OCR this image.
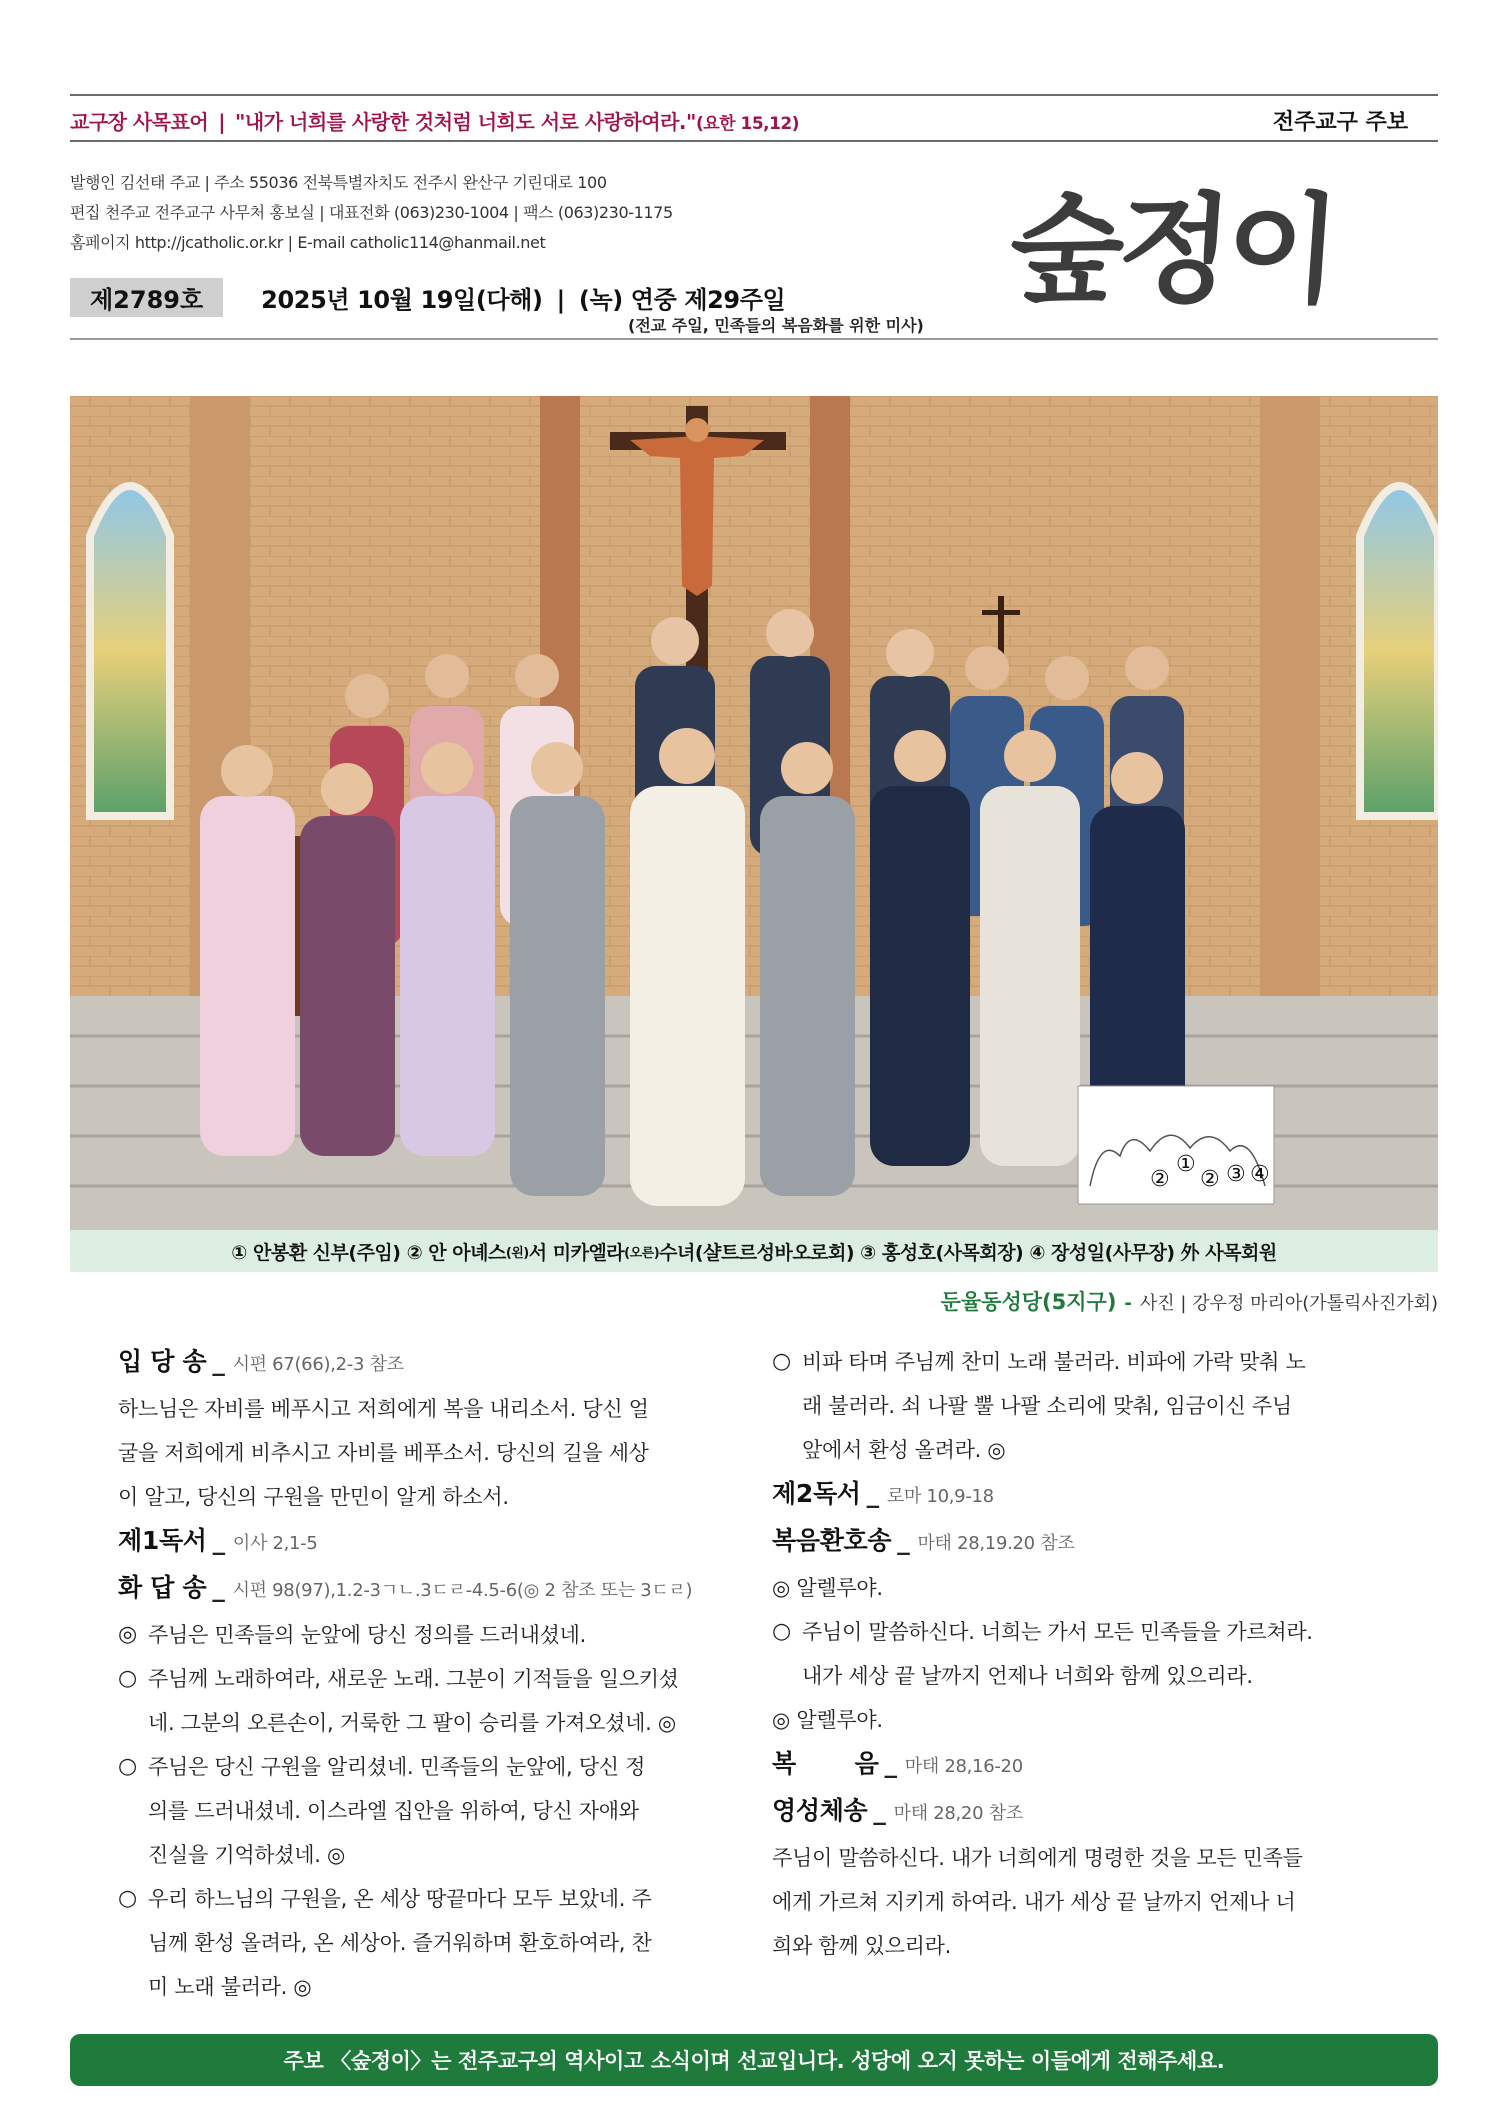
교구장 사목표어 | "내가 너희를 사랑한 것처럼 너희도 서로 사랑하여라."(요한 15,12)	전주교구 주보
발행인 김선태 주교 | 주소 55036 전북특별자치도 전주시 완산구 기린대로 100
편집 천주교 전주교구 사무처 홍보실 | 대표전화 (063)230-1004 | 팩스 (063)230-1175
홈페이지 http://jcatholic.or.kr | E-mail catholic114@hanmail.net	숲정이
제2789호	2025년 10월 19일(다해) | (녹) 연중 제29주일
(전교 주일, 민족들의 복음화를 위한 미사)
②
①
② ③ ④
① 안봉환 신부(주임) ② 안 아녜스 (왼) 서 미카엘라 (오른) 수녀(샬트르성바오로회) ③ 홍성호(사목회장) ④ 장성일(사무장) 外 사목회원
둔율동성당(5지구) - 사진 | 강우정 마리아(가톨릭사진가회)
입 당 송 _ 시편 67(66),2-3 참조
하느님은 자비를 베푸시고 저희에게 복을 내리소서. 당신 얼
굴을 저희에게 비추시고 자비를 베푸소서. 당신의 길을 세상
이 알고, 당신의 구원을 만민이 알게 하소서.
제1독서 _ 이사 2,1-5
화 답 송 _ 시편 98(97),1.2-3ㄱㄴ.3ㄷㄹ-4.5-6(◎ 2 참조 또는 3ㄷㄹ)
◎ 주님은 민족들의 눈앞에 당신 정의를 드러내셨네.
○ 주님께 노래하여라, 새로운 노래. 그분이 기적들을 일으키셨
네. 그분의 오른손이, 거룩한 그 팔이 승리를 가져오셨네. ◎
○ 주님은 당신 구원을 알리셨네. 민족들의 눈앞에, 당신 정
의를 드러내셨네. 이스라엘 집안을 위하여, 당신 자애와
진실을 기억하셨네. ◎
○ 우리 하느님의 구원을, 온 세상 땅끝마다 모두 보았네. 주
님께 환성 올려라, 온 세상아. 즐거워하며 환호하여라, 찬
미 노래 불러라. ◎
○ 비파 타며 주님께 찬미 노래 불러라. 비파에 가락 맞춰 노
래 불러라. 쇠 나팔 뿔 나팔 소리에 맞춰, 임금이신 주님
앞에서 환성 올려라. ◎
제2독서 _ 로마 10,9-18
복음환호송 _ 마태 28,19.20 참조
◎ 알렐루야.
○ 주님이 말씀하신다. 너희는 가서 모든 민족들을 가르쳐라.
내가 세상 끝 날까지 언제나 너희와 함께 있으리라.
◎ 알렐루야.
복       음 _ 마태 28,16-20
영성체송 _ 마태 28,20 참조
주님이 말씀하신다. 내가 너희에게 명령한 것을 모든 민족들
에게 가르쳐 지키게 하여라. 내가 세상 끝 날까지 언제나 너
희와 함께 있으리라.
주보 〈숲정이〉는 전주교구의 역사이고 소식이며 선교입니다. 성당에 오지 못하는 이들에게 전해주세요.
